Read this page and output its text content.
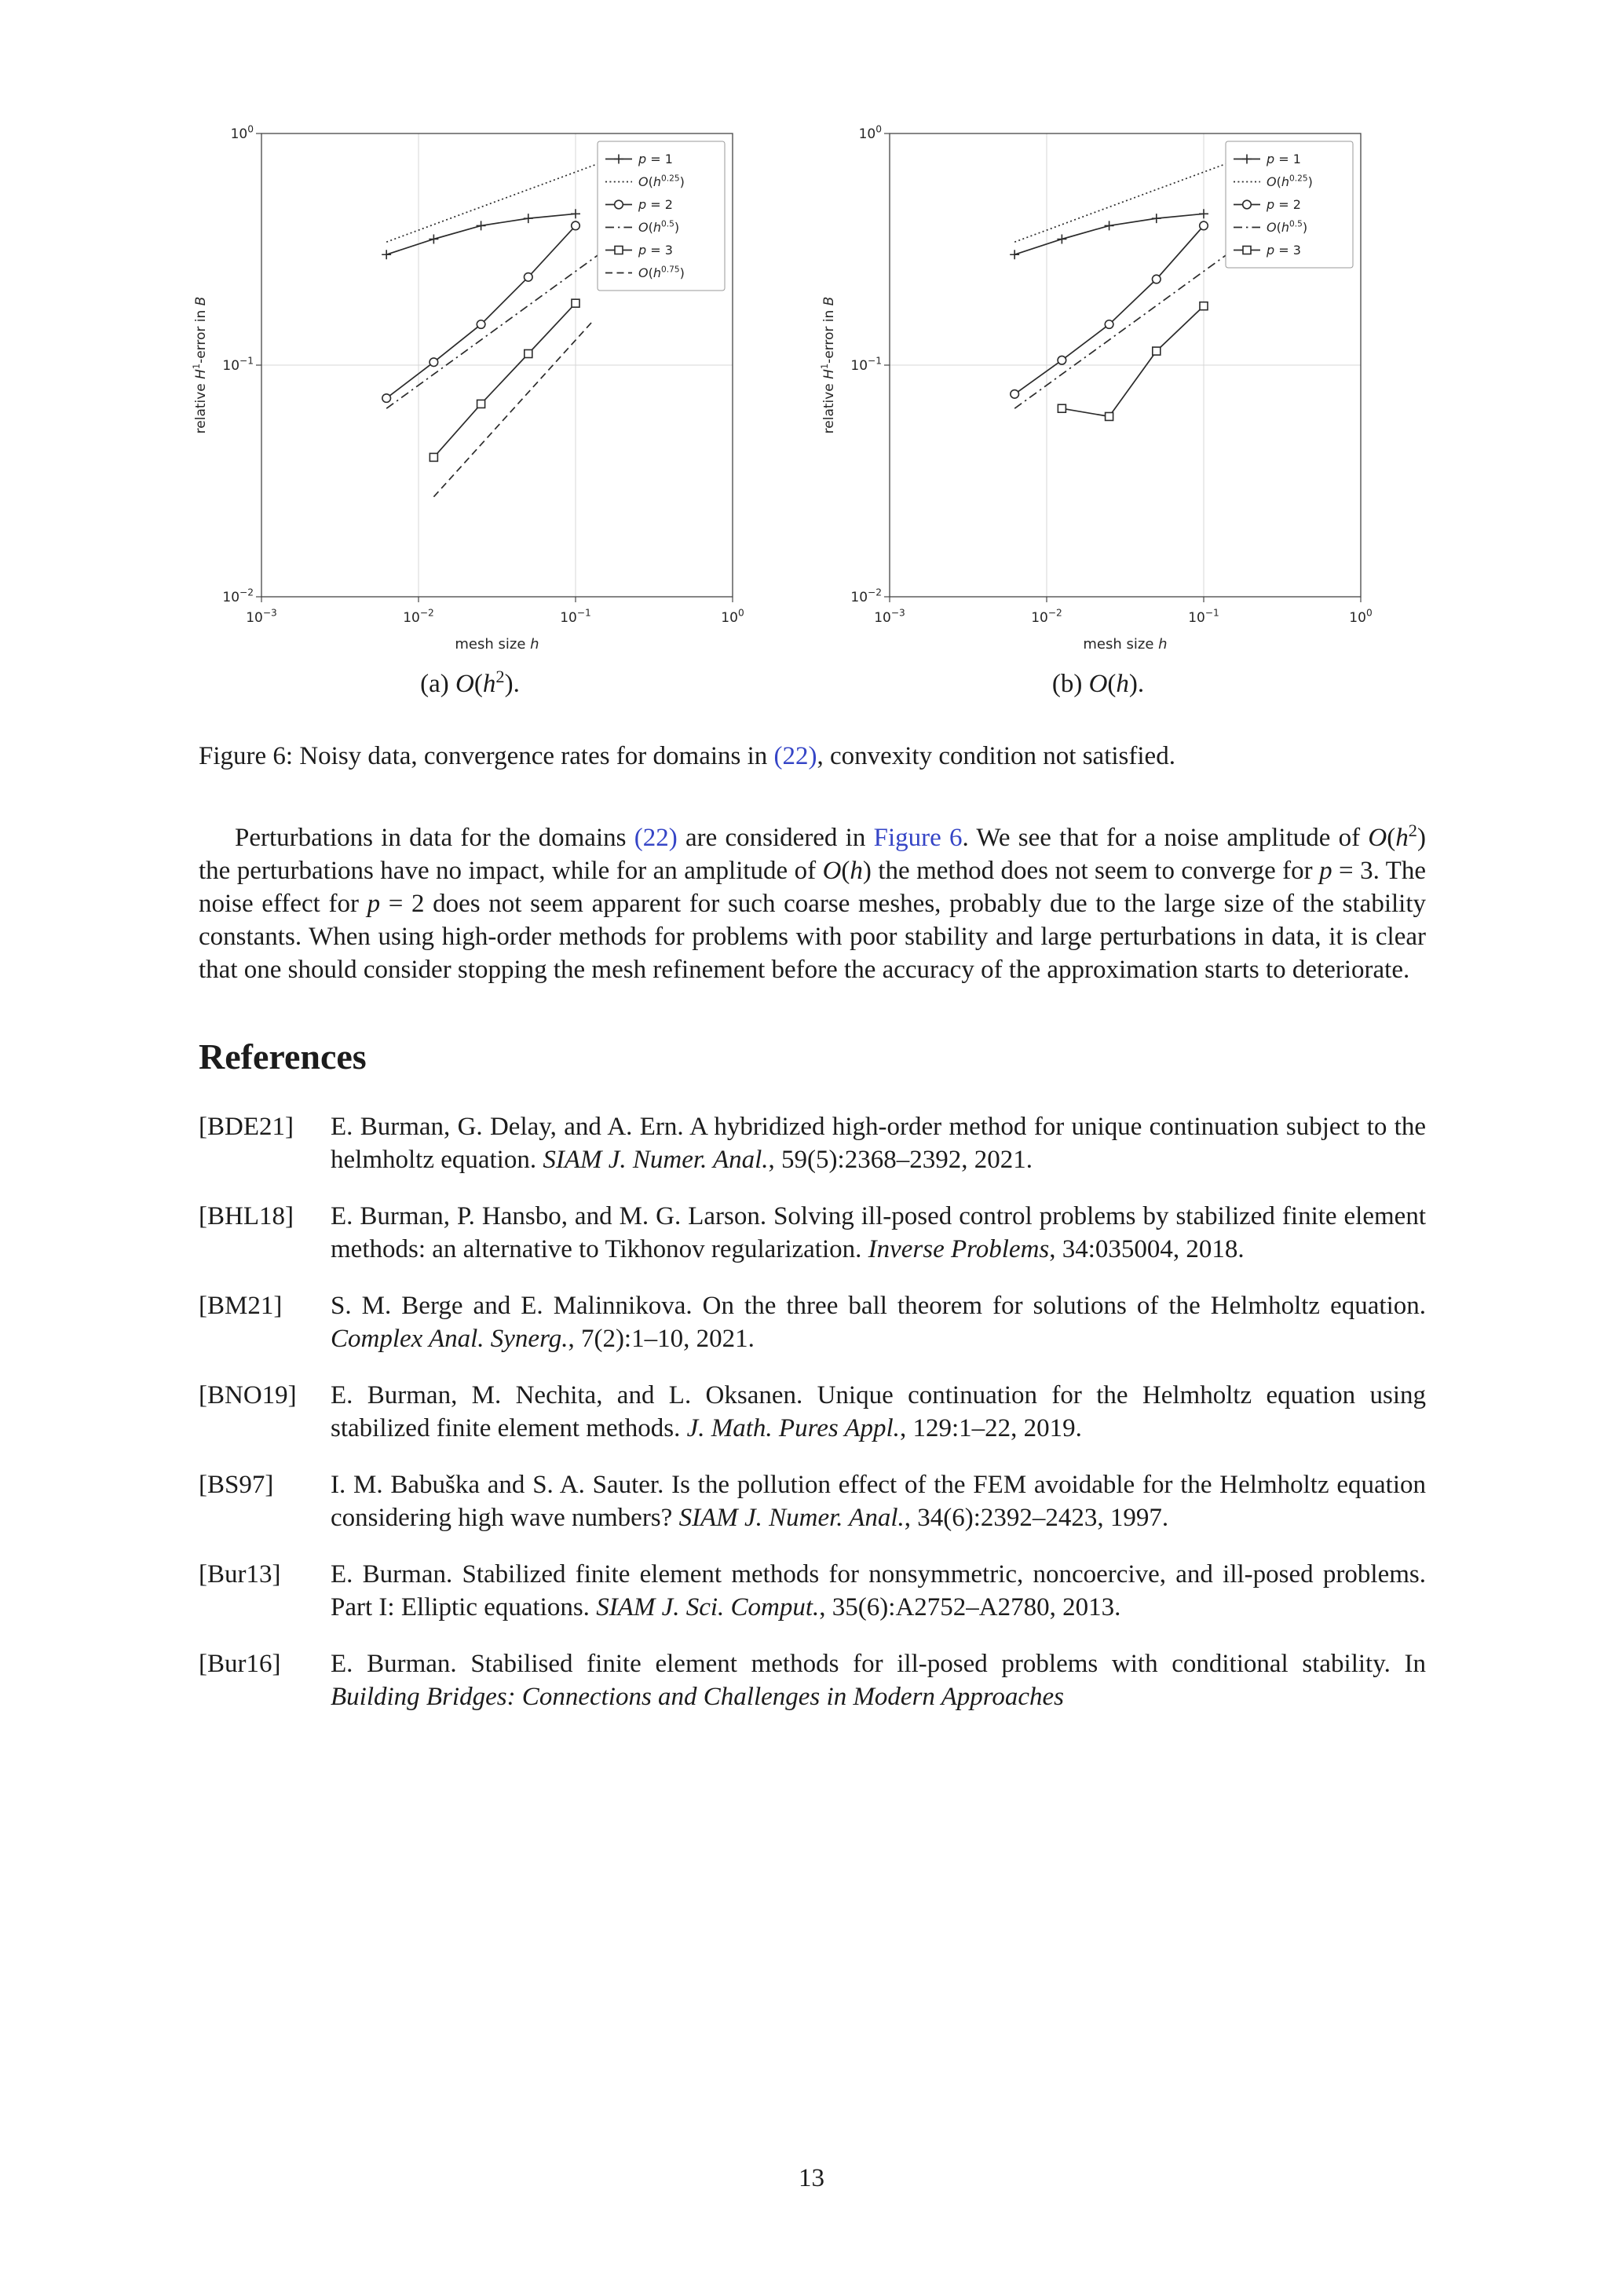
$10^{-3}$	$10^{-2}$	$10^{-1}$	$10^0$
mesh size h
$10^{-2}$
$10^{-1}$
$10^0$
relative $H^1$-error in B
p = 1
$O(h^{0.25})$
p = 2
$O(h^{0.5})$
p = 3
$O(h^{0.75})$
(a) $O(h^2)$.
$10^{-3}$	$10^{-2}$	$10^{-1}$	$10^0$
mesh size h
$10^{-2}$
$10^{-1}$
$10^0$
relative $H^1$-error in B
p = 1
$O(h^{0.25})$
p = 2
$O(h^{0.5})$
p = 3
(b) O(h).
Figure 6: Noisy data, convergence rates for domains in (22), convexity condition not satisfied.

Perturbations in data for the domains (22) are considered in Figure 6. We see that for a noise amplitude of $O(h^2)$ the perturbations have no impact, while for an amplitude of O(h) the method does not seem to converge for p = 3. The noise effect for p = 2 does not seem apparent for such coarse meshes, probably due to the large size of the stability constants. When using high-order methods for problems with poor stability and large perturbations in data, it is clear that one should consider stopping the mesh refinement before the accuracy of the approximation starts to deteriorate.

References
[BDE21]	E. Burman, G. Delay, and A. Ern. A hybridized high-order method for unique continuation subject to the helmholtz equation. SIAM J. Numer. Anal., 59(5):2368–2392, 2021.
[BHL18]	E. Burman, P. Hansbo, and M. G. Larson. Solving ill-posed control problems by stabilized finite element methods: an alternative to Tikhonov regularization. Inverse Problems, 34:035004, 2018.
[BM21]	S. M. Berge and E. Malinnikova. On the three ball theorem for solutions of the Helmholtz equation. Complex Anal. Synerg., 7(2):1–10, 2021.
[BNO19]	E. Burman, M. Nechita, and L. Oksanen. Unique continuation for the Helmholtz equation using stabilized finite element methods. J. Math. Pures Appl., 129:1–22, 2019.
[BS97]	I. M. Babuška and S. A. Sauter. Is the pollution effect of the FEM avoidable for the Helmholtz equation considering high wave numbers? SIAM J. Numer. Anal., 34(6):2392–2423, 1997.
[Bur13]	E. Burman. Stabilized finite element methods for nonsymmetric, noncoercive, and ill-posed problems. Part I: Elliptic equations. SIAM J. Sci. Comput., 35(6):A2752–A2780, 2013.
[Bur16]	E. Burman. Stabilised finite element methods for ill-posed problems with conditional stability. In Building Bridges: Connections and Challenges in Modern Approaches
13
